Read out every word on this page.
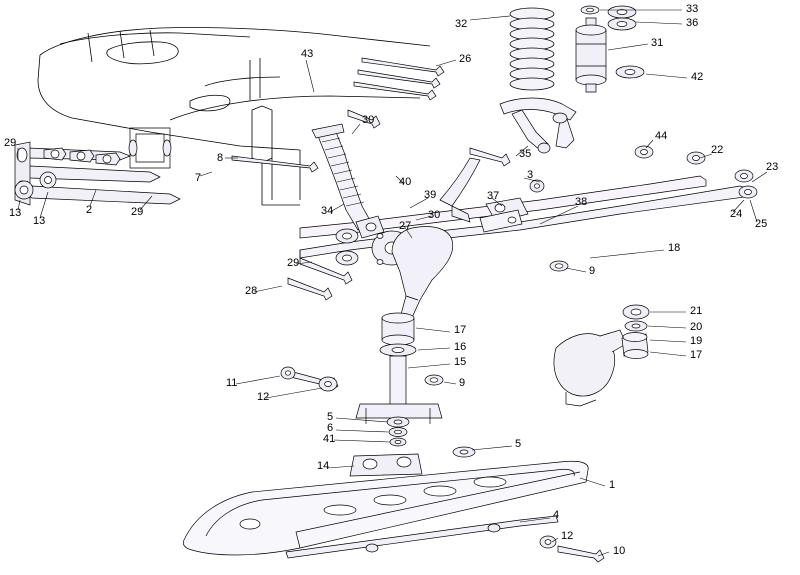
32
33
36
31
26
43
42
30
29
44
22
35
8
23
3
7	40
39
24
13
13
2	29	34
37	38
30
27	25
18
29
9
28
21
20
19
17
17
16
15
11	9
12
5
6
41	5
14
1
4
12
10
